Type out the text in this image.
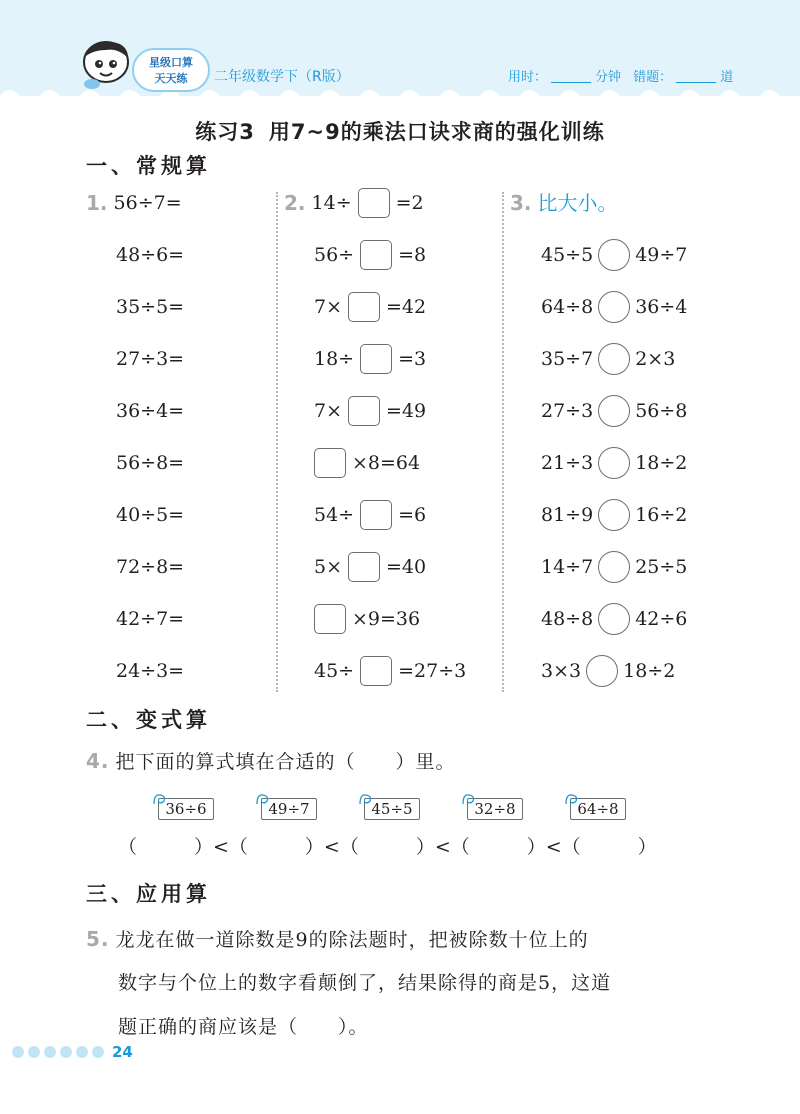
星级口算
天天练	二年级数学下（R版）	用时：	分钟 错题：	道
练习3 用7~9的乘法口诀求商的强化训练
一、常规算
1. 56÷7=
48÷6=
35÷5=
27÷3=
36÷4=
56÷8=
40÷5=
72÷8=
42÷7=
24÷3=
2. 14÷ =2
56÷ =8
7× =42
18÷ =3
7× =49
×8=64
54÷ =6
5× =40
×9=36
45÷ =27÷3
3. 比大小。
45÷5 49÷7
64÷8 36÷4
35÷7 2×3
27÷3 56÷8
21÷3 18÷2
81÷9 16÷2
14÷7 25÷5
48÷8 42÷6
3×3 18÷2
二、变式算
4. 把下面的算式填在合适的（　　）里。
36÷6	49÷7	45÷5	32÷8	64÷8
（　　　）<（　　　）<（　　　）<（　　　）<（　　　）
三、应用算
5. 龙龙在做一道除数是9的除法题时，把被除数十位上的
数字与个位上的数字看颠倒了，结果除得的商是5，这道
题正确的商应该是（　　）。
24
